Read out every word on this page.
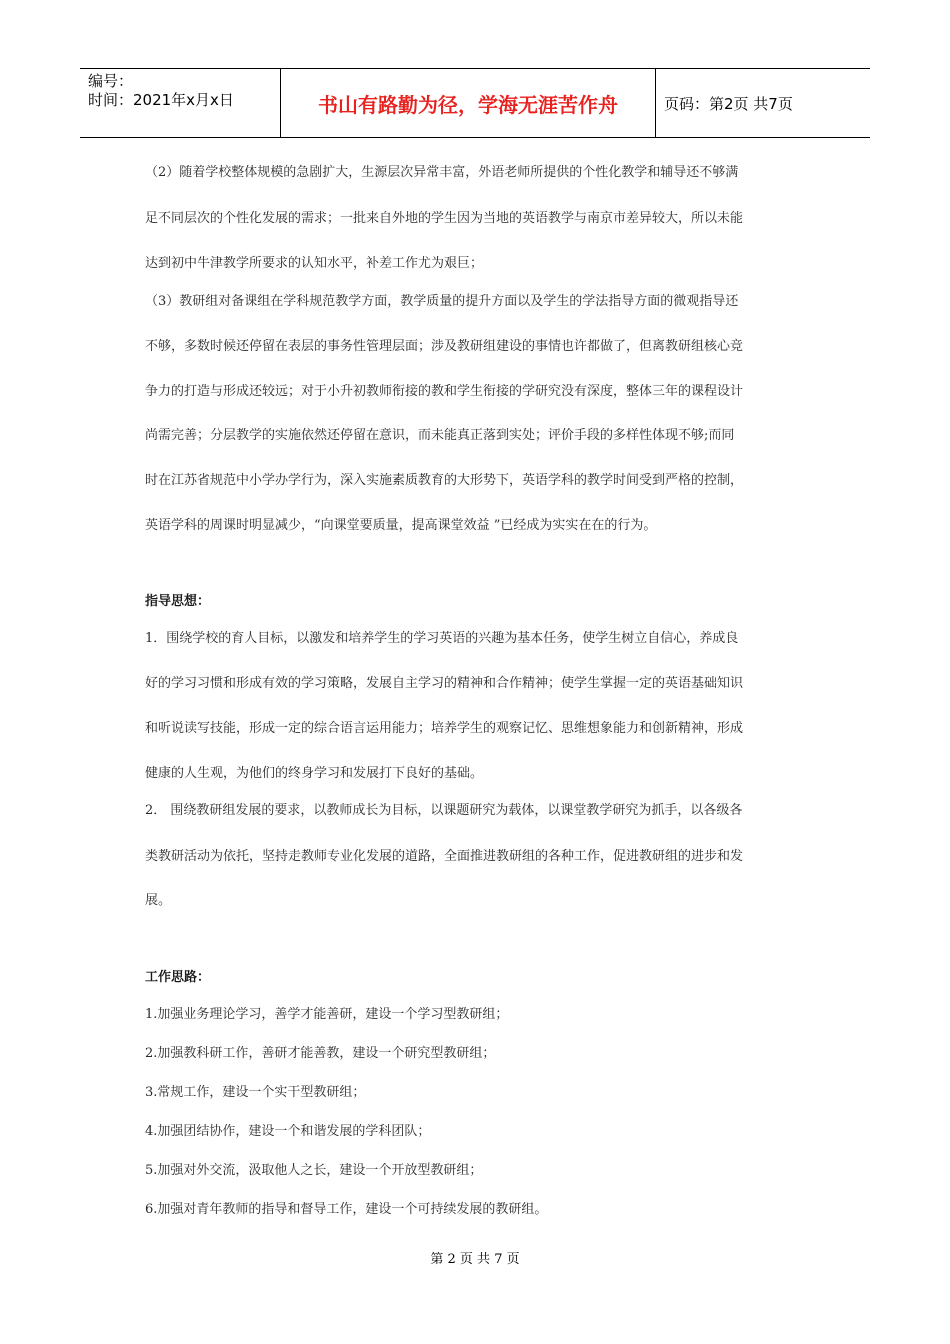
编号：
时间：2021年x月x日	书山有路勤为径，学海无涯苦作舟	页码：第2页 共7页
（2）随着学校整体规模的急剧扩大，生源层次异常丰富，外语老师所提供的个性化教学和辅导还不够满
足不同层次的个性化发展的需求；一批来自外地的学生因为当地的英语教学与南京市差异较大，所以未能
达到初中牛津教学所要求的认知水平，补差工作尤为艰巨；
（3）教研组对备课组在学科规范教学方面，教学质量的提升方面以及学生的学法指导方面的微观指导还
不够，多数时候还停留在表层的事务性管理层面；涉及教研组建设的事情也许都做了，但离教研组核心竞
争力的打造与形成还较远；对于小升初教师衔接的教和学生衔接的学研究没有深度，整体三年的课程设计
尚需完善；分层教学的实施依然还停留在意识，而未能真正落到实处；评价手段的多样性体现不够;而同
时在江苏省规范中小学办学行为，深入实施素质教育的大形势下，英语学科的教学时间受到严格的控制，
英语学科的周课时明显减少，“向课堂要质量，提高课堂效益 ”已经成为实实在在的行为。
指导思想：
1．围绕学校的育人目标，以激发和培养学生的学习英语的兴趣为基本任务，使学生树立自信心，养成良
好的学习习惯和形成有效的学习策略，发展自主学习的精神和合作精神；使学生掌握一定的英语基础知识
和听说读写技能，形成一定的综合语言运用能力；培养学生的观察记忆、思维想象能力和创新精神，形成
健康的人生观，为他们的终身学习和发展打下良好的基础。
2． 围绕教研组发展的要求，以教师成长为目标，以课题研究为载体，以课堂教学研究为抓手，以各级各
类教研活动为依托，坚持走教师专业化发展的道路，全面推进教研组的各种工作，促进教研组的进步和发
展。
工作思路：
1.加强业务理论学习，善学才能善研，建设一个学习型教研组；
2.加强教科研工作，善研才能善教，建设一个研究型教研组；
3.常规工作，建设一个实干型教研组；
4.加强团结协作，建设一个和谐发展的学科团队；
5.加强对外交流，汲取他人之长，建设一个开放型教研组；
6.加强对青年教师的指导和督导工作，建设一个可持续发展的教研组。
第 2 页 共 7 页
